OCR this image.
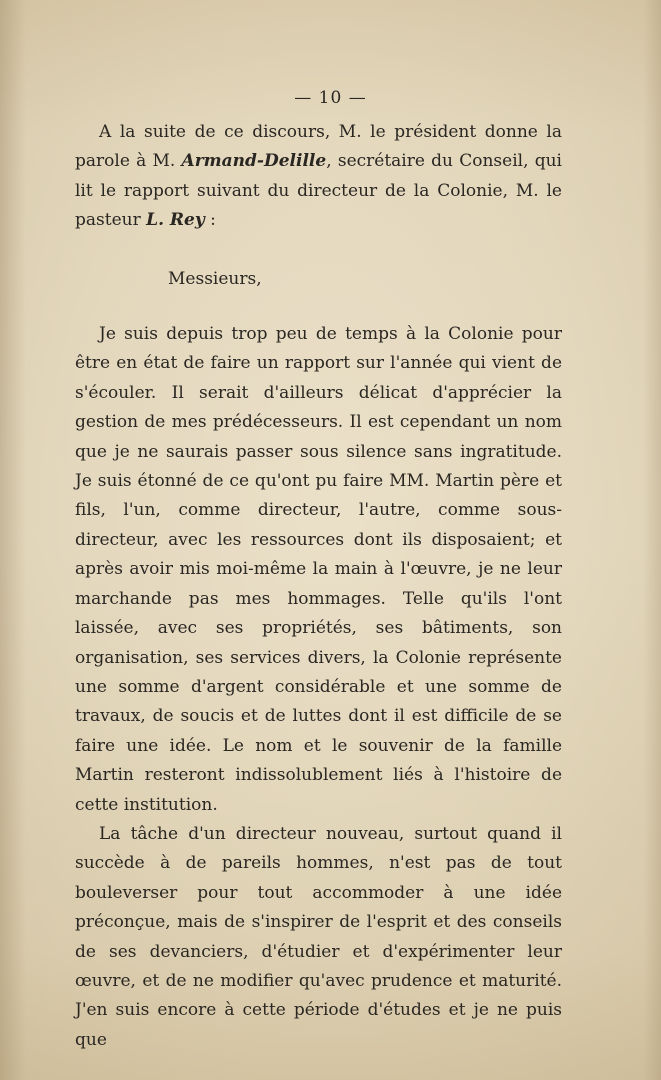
— 10 —

A la suite de ce discours, M. le président donne la parole à M. Armand-Delille, secrétaire du Conseil, qui lit le rapport suivant du directeur de la Colonie, M. le pasteur L. Rey :

Messieurs,

Je suis depuis trop peu de temps à la Colonie pour être en état de faire un rapport sur l'année qui vient de s'écouler. Il serait d'ailleurs délicat d'apprécier la gestion de mes prédécesseurs. Il est cependant un nom que je ne saurais passer sous silence sans ingratitude. Je suis étonné de ce qu'ont pu faire MM. Martin père et fils, l'un, comme directeur, l'autre, comme sous-directeur, avec les ressources dont ils disposaient; et après avoir mis moi-même la main à l'œuvre, je ne leur marchande pas mes hommages. Telle qu'ils l'ont laissée, avec ses propriétés, ses bâtiments, son organisation, ses services divers, la Colonie représente une somme d'argent considérable et une somme de travaux, de soucis et de luttes dont il est difficile de se faire une idée. Le nom et le souvenir de la famille Martin resteront indissolublement liés à l'histoire de cette institution.

La tâche d'un directeur nouveau, surtout quand il succède à de pareils hommes, n'est pas de tout bouleverser pour tout accommoder à une idée préconçue, mais de s'inspirer de l'esprit et des conseils de ses devanciers, d'étudier et d'expérimenter leur œuvre, et de ne modifier qu'avec prudence et maturité. J'en suis encore à cette période d'études et je ne puis que
